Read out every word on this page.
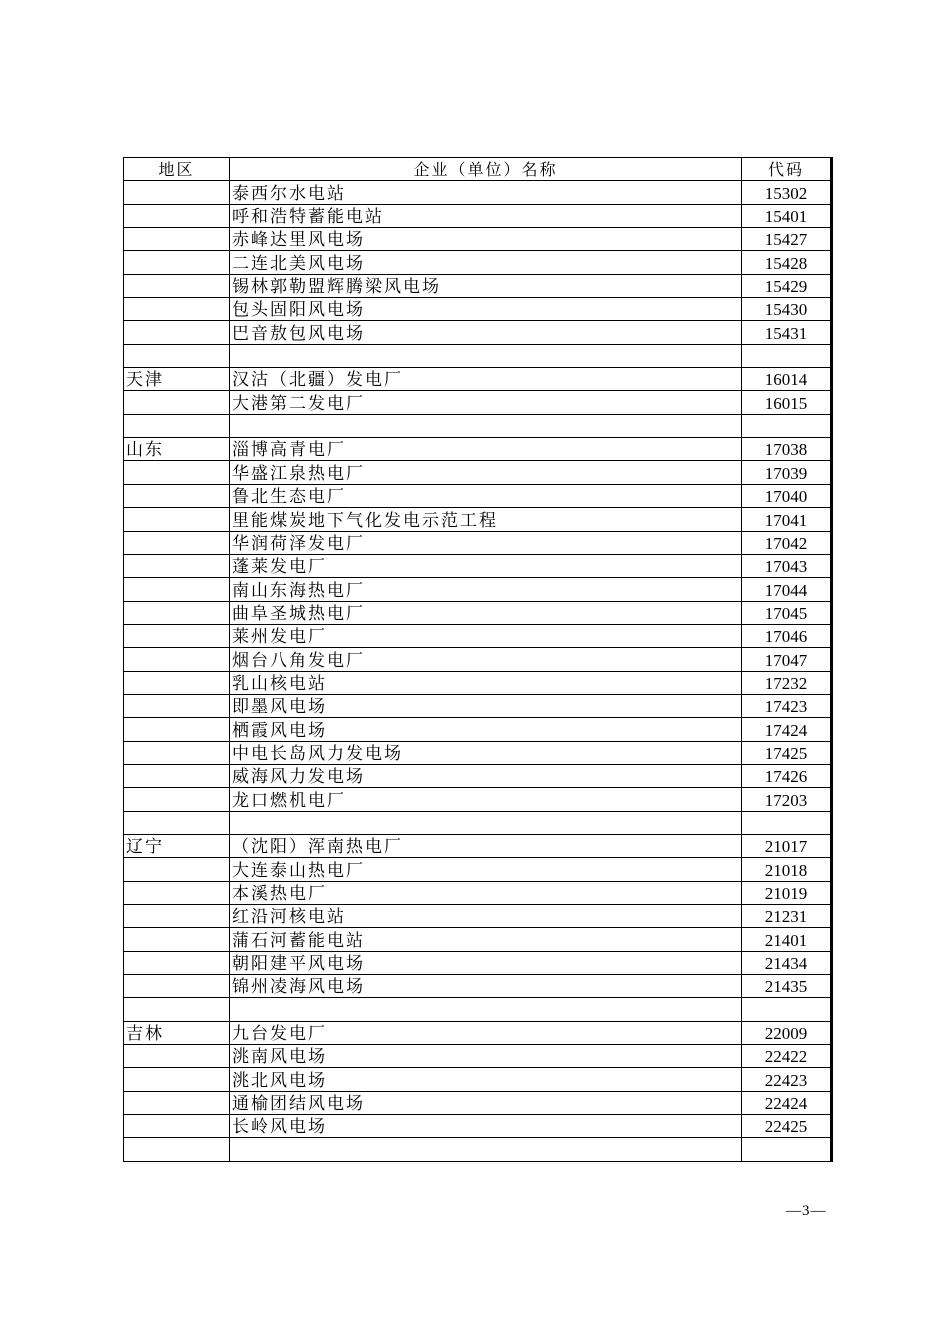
地区	企业（单位）名称	代码
	泰西尔水电站	15302
	呼和浩特蓄能电站	15401
	赤峰达里风电场	15427
	二连北美风电场	15428
	锡林郭勒盟辉腾梁风电场	15429
	包头固阳风电场	15430
	巴音敖包风电场	15431

天津	汉沽（北疆）发电厂	16014
	大港第二发电厂	16015

山东	淄博高青电厂	17038
	华盛江泉热电厂	17039
	鲁北生态电厂	17040
	里能煤炭地下气化发电示范工程	17041
	华润荷泽发电厂	17042
	蓬莱发电厂	17043
	南山东海热电厂	17044
	曲阜圣城热电厂	17045
	莱州发电厂	17046
	烟台八角发电厂	17047
	乳山核电站	17232
	即墨风电场	17423
	栖霞风电场	17424
	中电长岛风力发电场	17425
	威海风力发电场	17426
	龙口燃机电厂	17203

辽宁	（沈阳）浑南热电厂	21017
	大连泰山热电厂	21018
	本溪热电厂	21019
	红沿河核电站	21231
	蒲石河蓄能电站	21401
	朝阳建平风电场	21434
	锦州凌海风电场	21435

吉林	九台发电厂	22009
	洮南风电场	22422
	洮北风电场	22423
	通榆团结风电场	22424
	长岭风电场	22425

—3—
